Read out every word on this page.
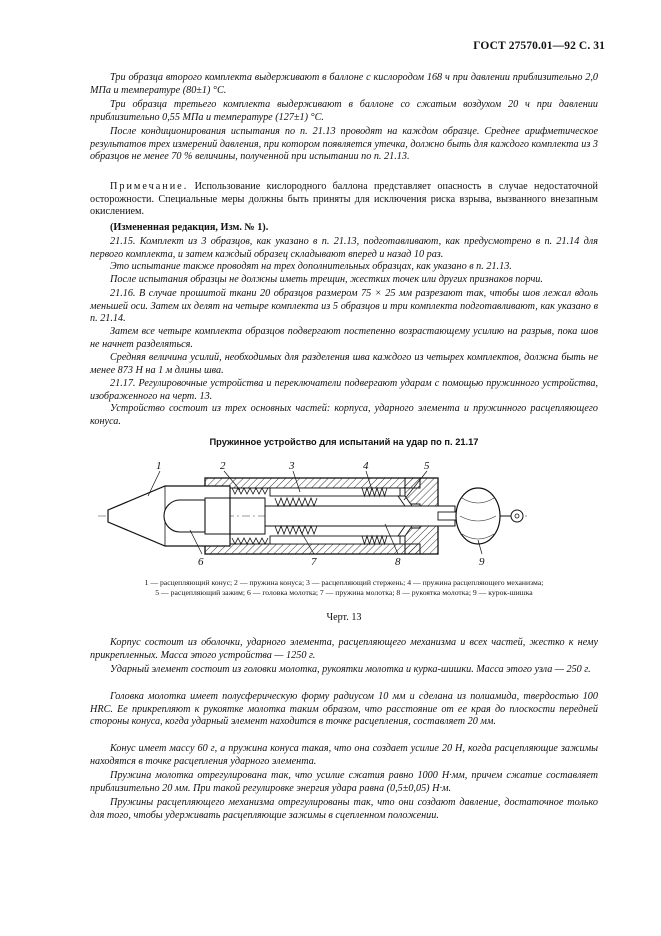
ГОСТ 27570.01—92 С. 31

Три образца второго комплекта выдерживают в баллоне с кислородом 168 ч при давлении приблизительно 2,0 МПа и температуре (80±1) °С.

Три образца третьего комплекта выдерживают в баллоне со сжатым воздухом 20 ч при давлении приблизительно 0,55 МПа и температуре (127±1) °С.

После кондиционирования испытания по п. 21.13 проводят на каждом образце. Среднее арифметическое результатов трех измерений давления, при котором появляется утечка, должно быть для каждого комплекта из 3 образцов не менее 70 % величины, полученной при испытании по п. 21.13.

Примечание. Использование кислородного баллона представляет опасность в случае недостаточной осторожности. Специальные меры должны быть приняты для исключения риска взрыва, вызванного внезапным окислением.

(Измененная редакция, Изм. № 1).

21.15. Комплект из 3 образцов, как указано в п. 21.13, подготавливают, как предусмотрено в п. 21.14 для первого комплекта, и затем каждый образец складывают вперед и назад 10 раз.

Это испытание также проводят на трех дополнительных образцах, как указано в п. 21.13.

После испытания образцы не должны иметь трещин, жестких точек или других признаков порчи.

21.16. В случае прошитой ткани 20 образцов размером 75 × 25 мм разрезают так, чтобы шов лежал вдоль меньшей оси. Затем их делят на четыре комплекта из 5 образцов и три комплекта подготавливают, как указано в п. 21.14.

Затем все четыре комплекта образцов подвергают постепенно возрастающему усилию на разрыв, пока шов не начнет разделяться.

Средняя величина усилий, необходимых для разделения шва каждого из четырех комплектов, должна быть не менее 873 Н на 1 м длины шва.

21.17. Регулировочные устройства и переключатели подвергают ударам с помощью пружинного устройства, изображенного на черт. 13.

Устройство состоит из трех основных частей: корпуса, ударного элемента и пружинного расцепляющего конуса.

Пружинное устройство для испытаний на удар по п. 21.17
1	2	3	4	5
6	7	8	9
1 — расцепляющий конус; 2 — пружина конуса; 3 — расцепляющий стержень; 4 — пружина расцепляющего механизма;
5 — расцепляющий зажим; 6 — головка молотка; 7 — пружина молотка; 8 — рукоятка молотка; 9 — курок-шишка
Черт. 13

Корпус состоит из оболочки, ударного элемента, расцепляющего механизма и всех частей, жестко к нему прикрепленных. Масса этого устройства — 1250 г.

Ударный элемент состоит из головки молотка, рукоятки молотка и курка-шишки. Масса этого узла — 250 г.

Головка молотка имеет полусферическую форму радиусом 10 мм и сделана из полиамида, твердостью 100 HRC. Ее прикрепляют к рукоятке молотка таким образом, что расстояние от ее края до плоскости передней стороны конуса, когда ударный элемент находится в точке расцепления, составляет 20 мм.

Конус имеет массу 60 г, а пружина конуса такая, что она создает усилие 20 Н, когда расцепляющие зажимы находятся в точке расцепления ударного элемента.

Пружина молотка отрегулирована так, что усилие сжатия равно 1000 Н·мм, причем сжатие составляет приблизительно 20 мм. При такой регулировке энергия удара равна (0,5±0,05) Н·м.

Пружины расцепляющего механизма отрегулированы так, что они создают давление, достаточное только для того, чтобы удерживать расцепляющие зажимы в сцепленном положении.
